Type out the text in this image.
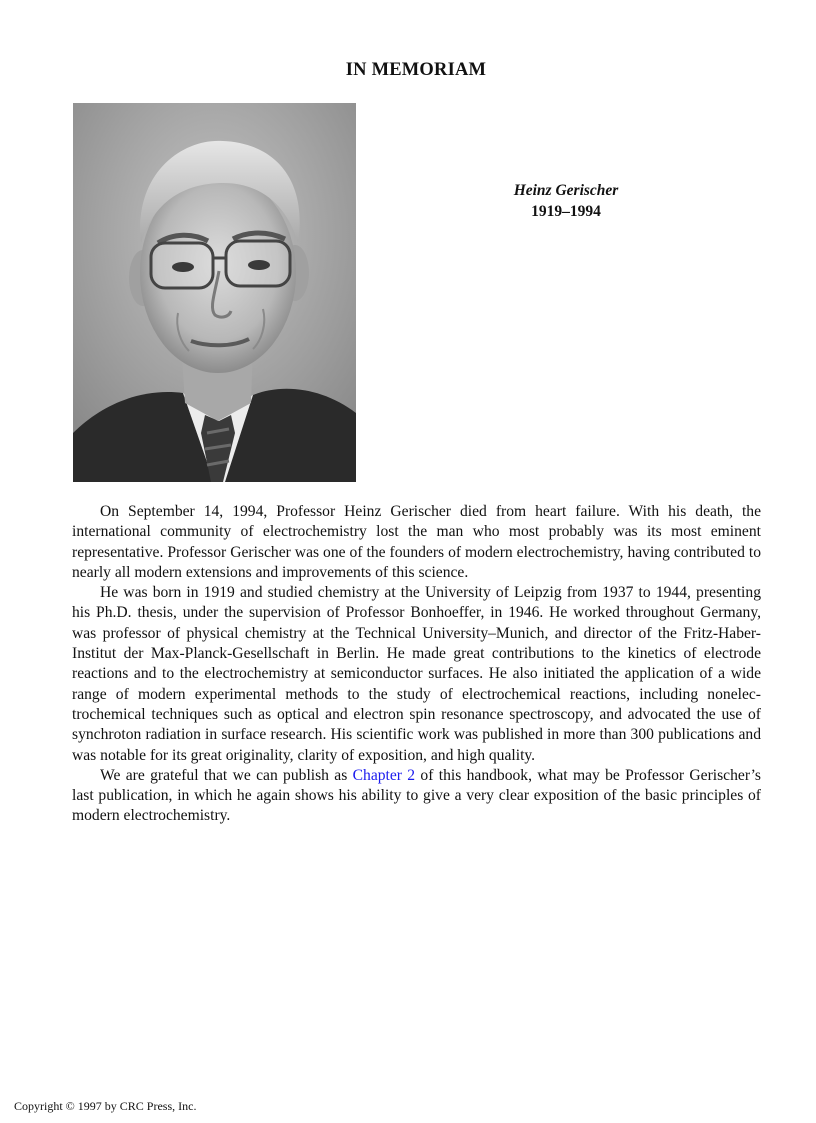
IN MEMORIAM
Heinz Gerischer
1919–1994

On September 14, 1994, Professor Heinz Gerischer died from heart failure. With his death, the international community of electrochemistry lost the man who most probably was its most eminent representative. Professor Gerischer was one of the founders of modern electrochemistry, having contributed to nearly all modern extensions and improvements of this science.

He was born in 1919 and studied chemistry at the University of Leipzig from 1937 to 1944, presenting his Ph.D. thesis, under the supervision of Professor Bonhoeffer, in 1946. He worked throughout Germany, was professor of physical chemistry at the Technical University–Munich, and director of the Fritz-Haber-Institut der Max-Planck-Gesellschaft in Berlin. He made great contributions to the kinetics of electrode reactions and to the electrochemistry at semiconductor surfaces. He also initiated the application of a wide range of modern experimental methods to the study of electrochemical reactions, including nonelectrochemical techniques such as optical and electron spin resonance spectroscopy, and advocated the use of synchroton radiation in surface research. His scientific work was published in more than 300 publications and was notable for its great originality, clarity of exposition, and high quality.

We are grateful that we can publish as Chapter 2 of this handbook, what may be Professor Gerischer’s last publication, in which he again shows his ability to give a very clear exposition of the basic principles of modern electrochemistry.

Copyright © 1997 by CRC Press, Inc.
